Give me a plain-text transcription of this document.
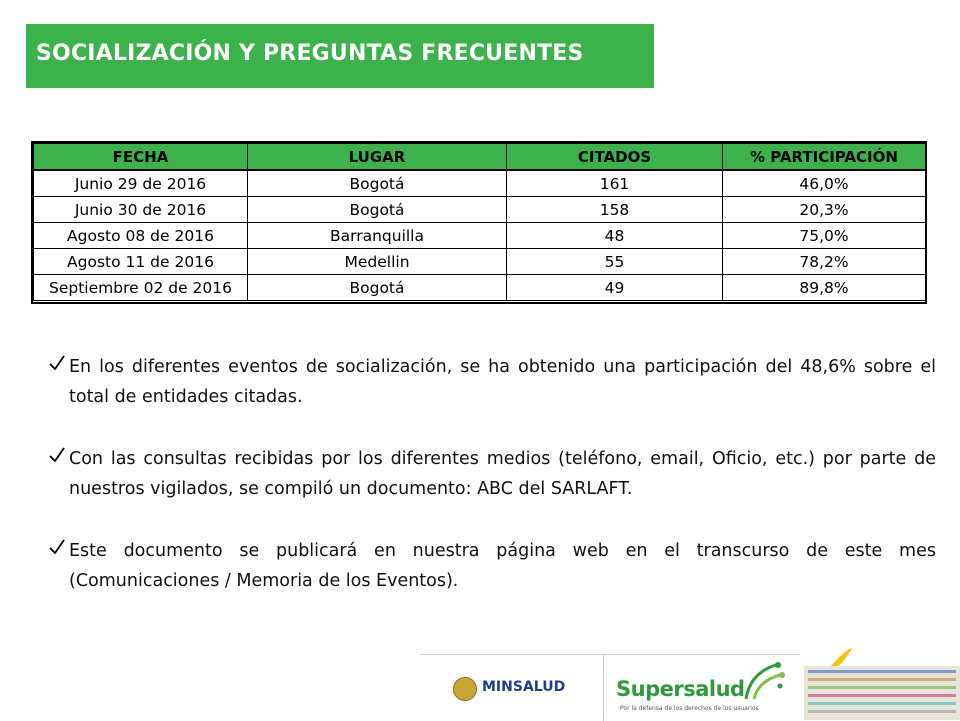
SOCIALIZACIÓN Y PREGUNTAS FRECUENTES
FECHA	LUGAR	CITADOS	% PARTICIPACIÓN
Junio 29 de 2016	Bogotá	161	46,0%
Junio 30 de 2016	Bogotá	158	20,3%
Agosto 08 de 2016	Barranquilla	48	75,0%
Agosto 11 de 2016	Medellin	55	78,2%
Septiembre 02 de 2016	Bogotá	49	89,8%
En los diferentes eventos de socialización, se ha obtenido una participación del 48,6% sobre el total de entidades citadas.
Con las consultas recibidas por los diferentes medios (teléfono, email, Oficio, etc.) por parte de nuestros vigilados, se compiló un documento: ABC del SARLAFT.
Este documento se publicará en nuestra página web en el transcurso de este mes (Comunicaciones / Memoria de los Eventos).
MINSALUD Supersalud
Por la defensa de los derechos de los usuarios
